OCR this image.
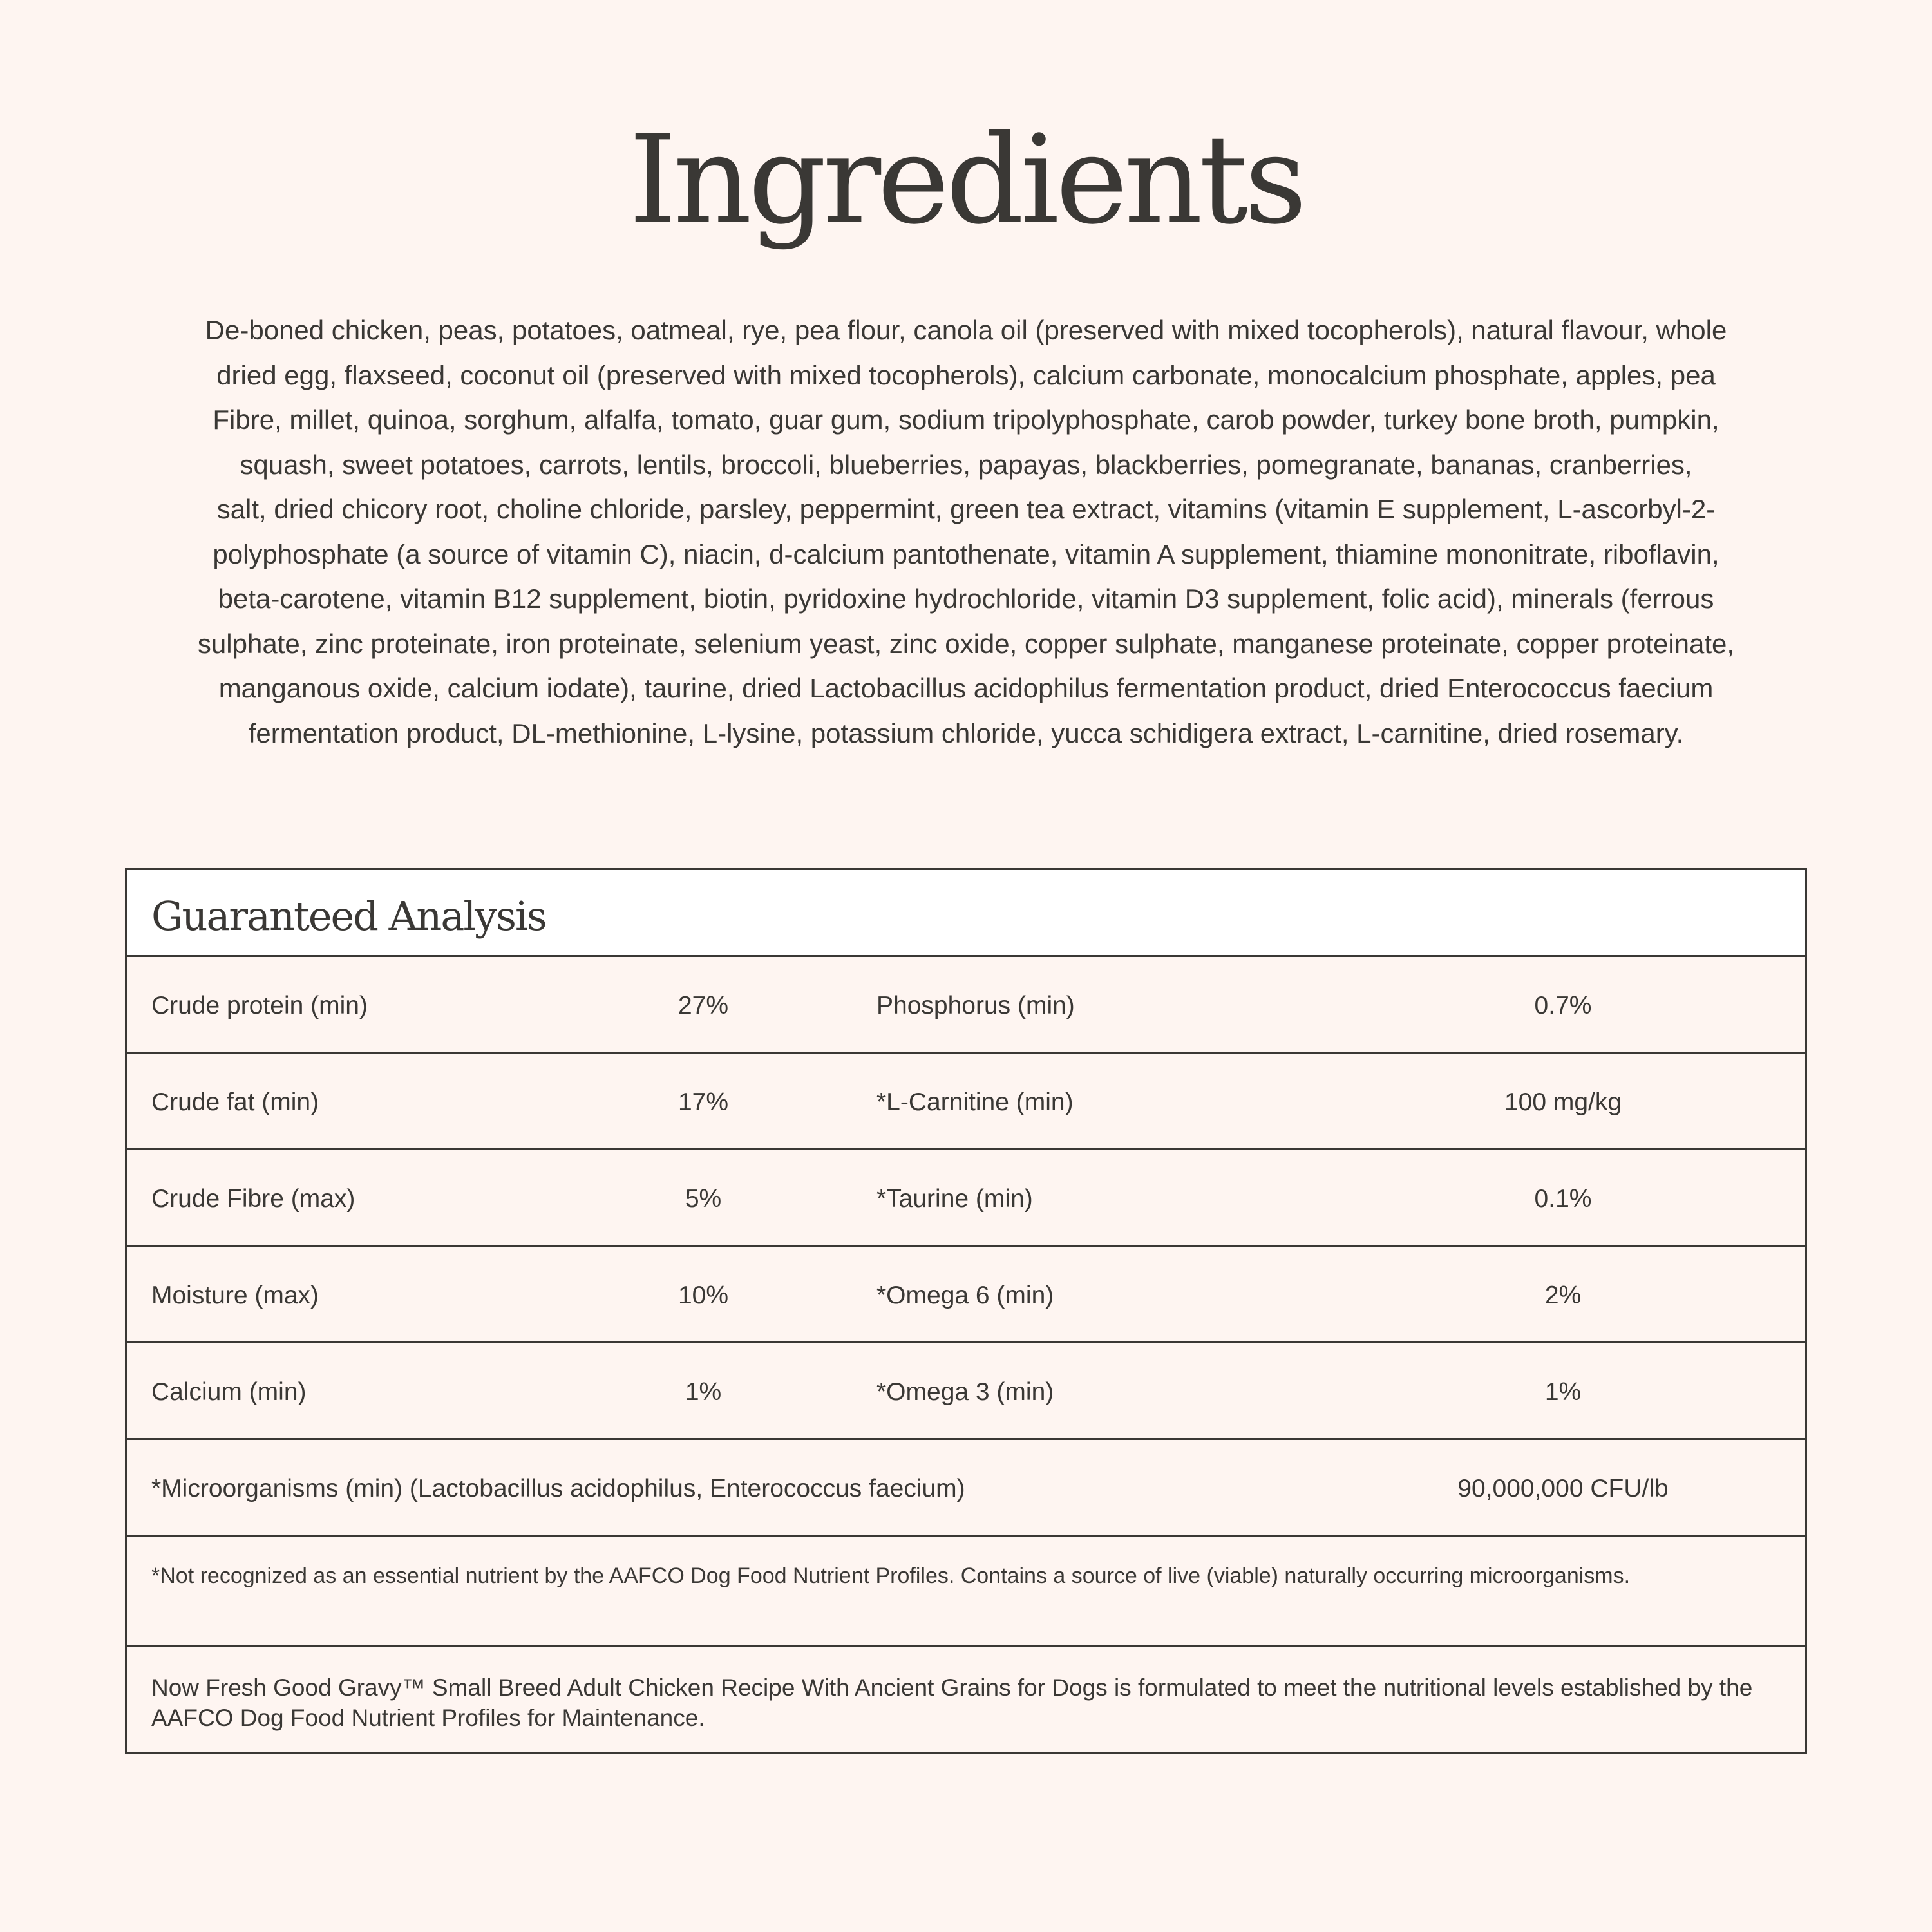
Ingredients

De-boned chicken, peas, potatoes, oatmeal, rye, pea flour, canola oil (preserved with mixed tocopherols), natural flavour, whole
dried egg, flaxseed, coconut oil (preserved with mixed tocopherols), calcium carbonate, monocalcium phosphate, apples, pea
Fibre, millet, quinoa, sorghum, alfalfa, tomato, guar gum, sodium tripolyphosphate, carob powder, turkey bone broth, pumpkin,
squash, sweet potatoes, carrots, lentils, broccoli, blueberries, papayas, blackberries, pomegranate, bananas, cranberries,
salt, dried chicory root, choline chloride, parsley, peppermint, green tea extract, vitamins (vitamin E supplement, L-ascorbyl-2-
polyphosphate (a source of vitamin C), niacin, d-calcium pantothenate, vitamin A supplement, thiamine mononitrate, riboflavin,
beta-carotene, vitamin B12 supplement, biotin, pyridoxine hydrochloride, vitamin D3 supplement, folic acid), minerals (ferrous
sulphate, zinc proteinate, iron proteinate, selenium yeast, zinc oxide, copper sulphate, manganese proteinate, copper proteinate,
manganous oxide, calcium iodate), taurine, dried Lactobacillus acidophilus fermentation product, dried Enterococcus faecium
fermentation product, DL-methionine, L-lysine, potassium chloride, yucca schidigera extract, L-carnitine, dried rosemary.

Guaranteed Analysis
Crude protein (min)	27%	Phosphorus (min)	0.7%
Crude fat (min)	17%	*L-Carnitine (min)	100 mg/kg
Crude Fibre (max)	5%	*Taurine (min)	0.1%
Moisture (max)	10%	*Omega 6 (min)	2%
Calcium (min)	1%	*Omega 3 (min)	1%
*Microorganisms (min) (Lactobacillus acidophilus, Enterococcus faecium)	90,000,000 CFU/lb
*Not recognized as an essential nutrient by the AAFCO Dog Food Nutrient Profiles. Contains a source of live (viable) naturally occurring microorganisms.
Now Fresh Good Gravy™ Small Breed Adult Chicken Recipe With Ancient Grains for Dogs is formulated to meet the nutritional levels established by the AAFCO Dog Food Nutrient Profiles for Maintenance.
